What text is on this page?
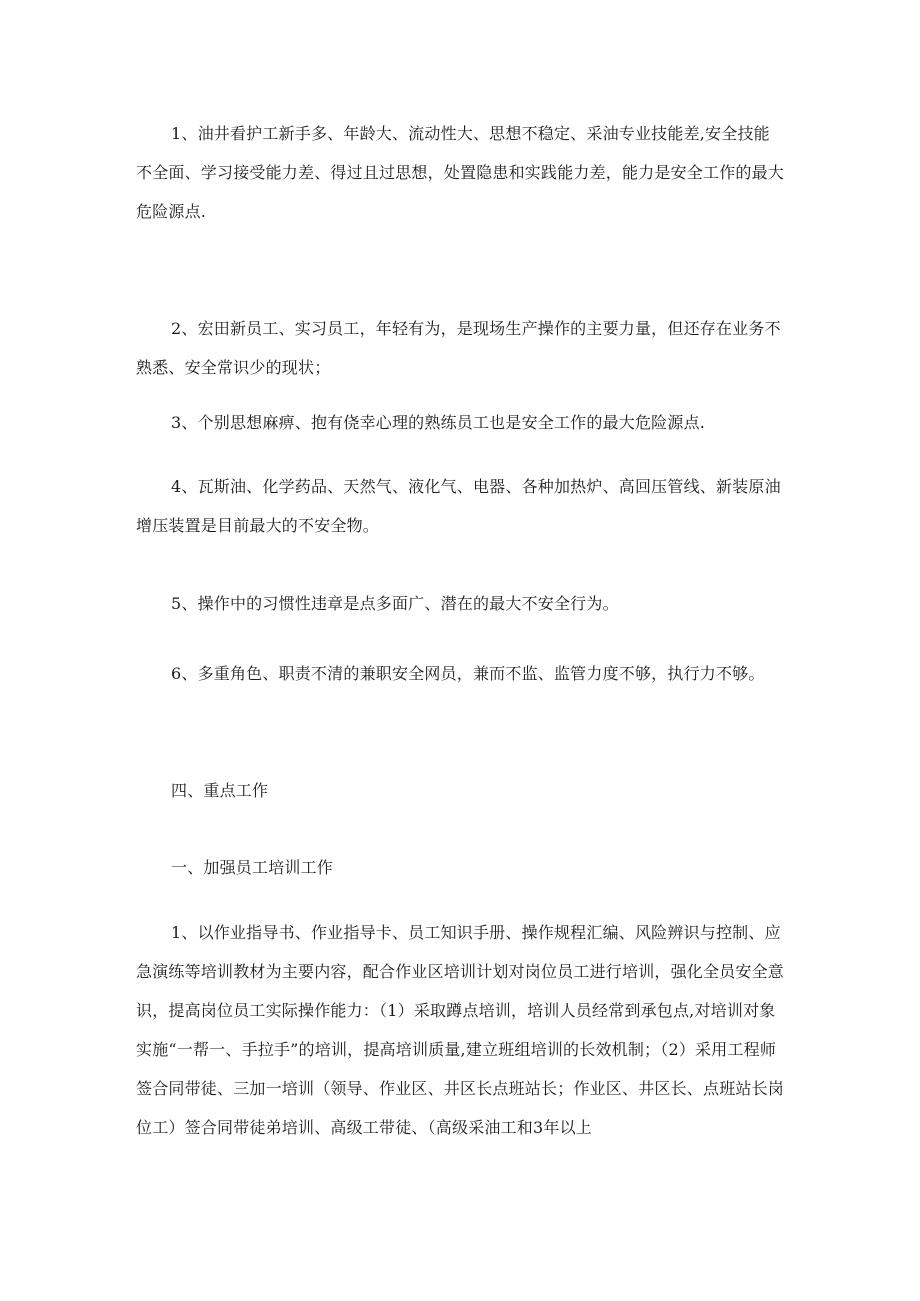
1、油井看护工新手多、年龄大、流动性大、思想不稳定、采油专业技能差,安全技能不全面、学习接受能力差、得过且过思想，处置隐患和实践能力差，能力是安全工作的最大危险源点.

2、宏田新员工、实习员工，年轻有为，是现场生产操作的主要力量，但还存在业务不熟悉、安全常识少的现状；

3、个别思想麻痹、抱有侥幸心理的熟练员工也是安全工作的最大危险源点.

4、瓦斯油、化学药品、天然气、液化气、电器、各种加热炉、高回压管线、新装原油增压装置是目前最大的不安全物。

5、操作中的习惯性违章是点多面广、潜在的最大不安全行为。

6、多重角色、职责不清的兼职安全网员，兼而不监、监管力度不够，执行力不够。

四、重点工作

一、加强员工培训工作

1、以作业指导书、作业指导卡、员工知识手册、操作规程汇编、风险辨识与控制、应急演练等培训教材为主要内容，配合作业区培训计划对岗位员工进行培训，强化全员安全意识，提高岗位员工实际操作能力：（1）采取蹲点培训，培训人员经常到承包点,对培训对象实施“一帮一、手拉手”的培训，提高培训质量,建立班组培训的长效机制；（2）采用工程师签合同带徒、三加一培训（领导、作业区、井区长点班站长；作业区、井区长、点班站长岗位工）签合同带徒弟培训、高级工带徒、（高级采油工和3年以上
